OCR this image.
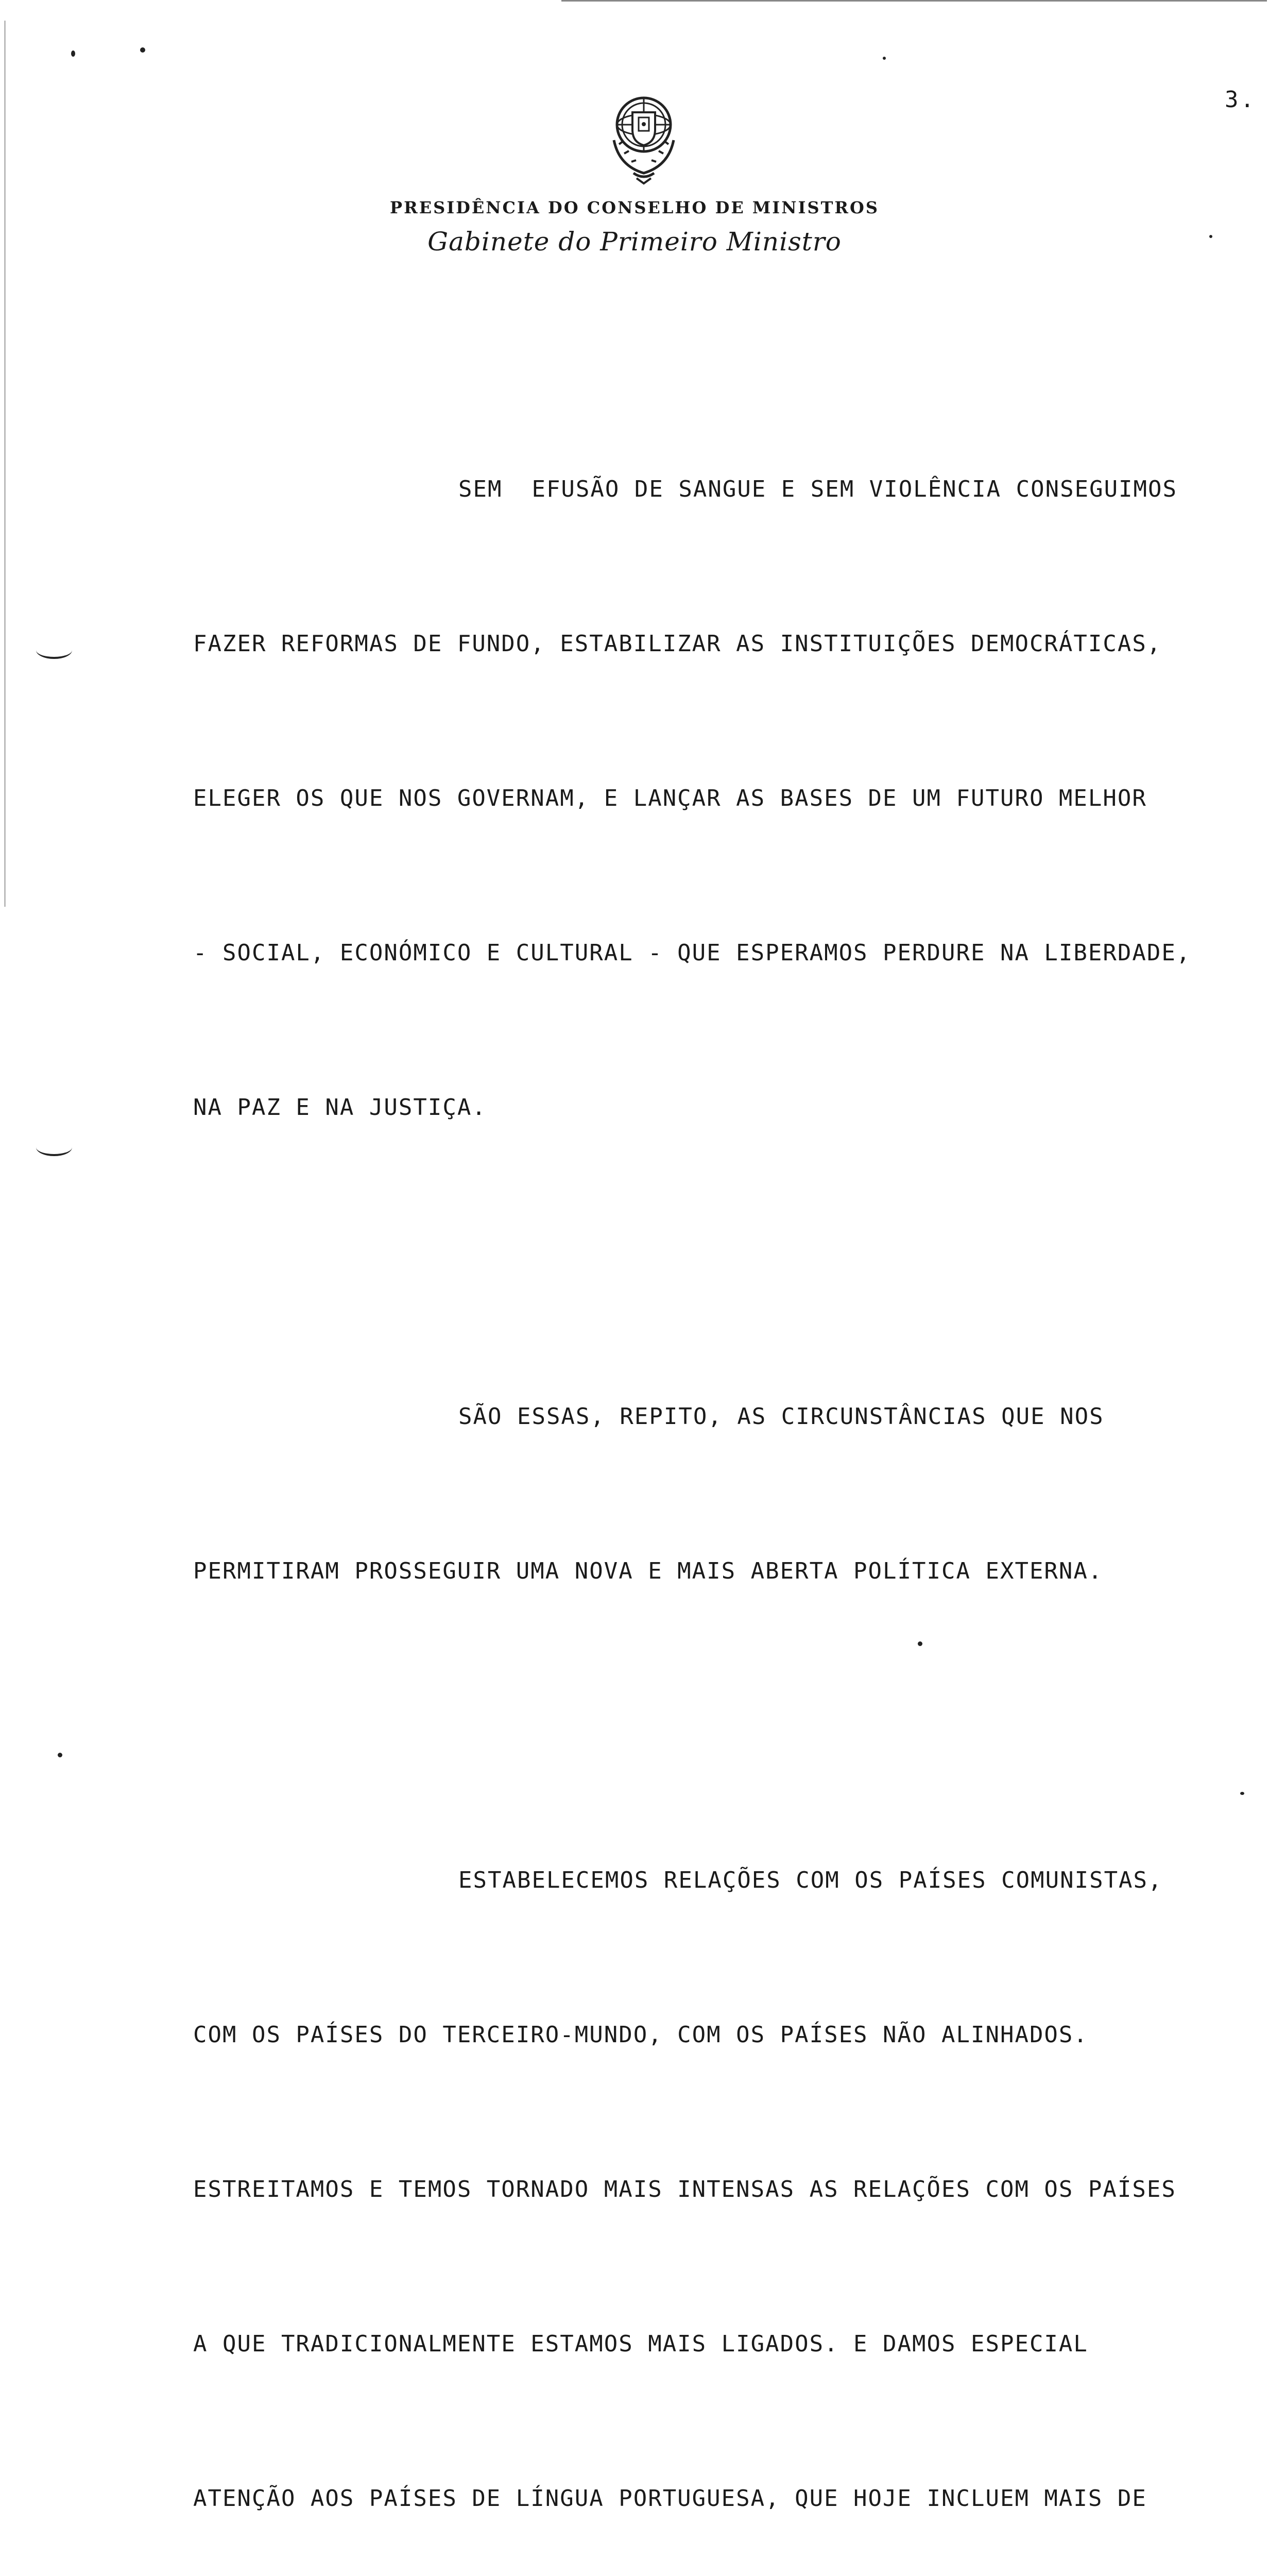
3.
PRESIDÊNCIA DO CONSELHO DE MINISTROS
Gabinete do Primeiro Ministro

SEM  EFUSÃO DE SANGUE E SEM VIOLÊNCIA CONSEGUIMOS

FAZER REFORMAS DE FUNDO, ESTABILIZAR AS INSTITUIÇÕES DEMOCRÁTICAS,

ELEGER OS QUE NOS GOVERNAM, E LANÇAR AS BASES DE UM FUTURO MELHOR

- SOCIAL, ECONÓMICO E CULTURAL - QUE ESPERAMOS PERDURE NA LIBERDADE,

NA PAZ E NA JUSTIÇA.

SÃO ESSAS, REPITO, AS CIRCUNSTÂNCIAS QUE NOS

PERMITIRAM PROSSEGUIR UMA NOVA E MAIS ABERTA POLÍTICA EXTERNA.

ESTABELECEMOS RELAÇÕES COM OS PAÍSES COMUNISTAS,

COM OS PAÍSES DO TERCEIRO-MUNDO, COM OS PAÍSES NÃO ALINHADOS.

ESTREITAMOS E TEMOS TORNADO MAIS INTENSAS AS RELAÇÕES COM OS PAÍSES

A QUE TRADICIONALMENTE ESTAMOS MAIS LIGADOS. E DAMOS ESPECIAL

ATENÇÃO AOS PAÍSES DE LÍNGUA PORTUGUESA, QUE HOJE INCLUEM MAIS DE
